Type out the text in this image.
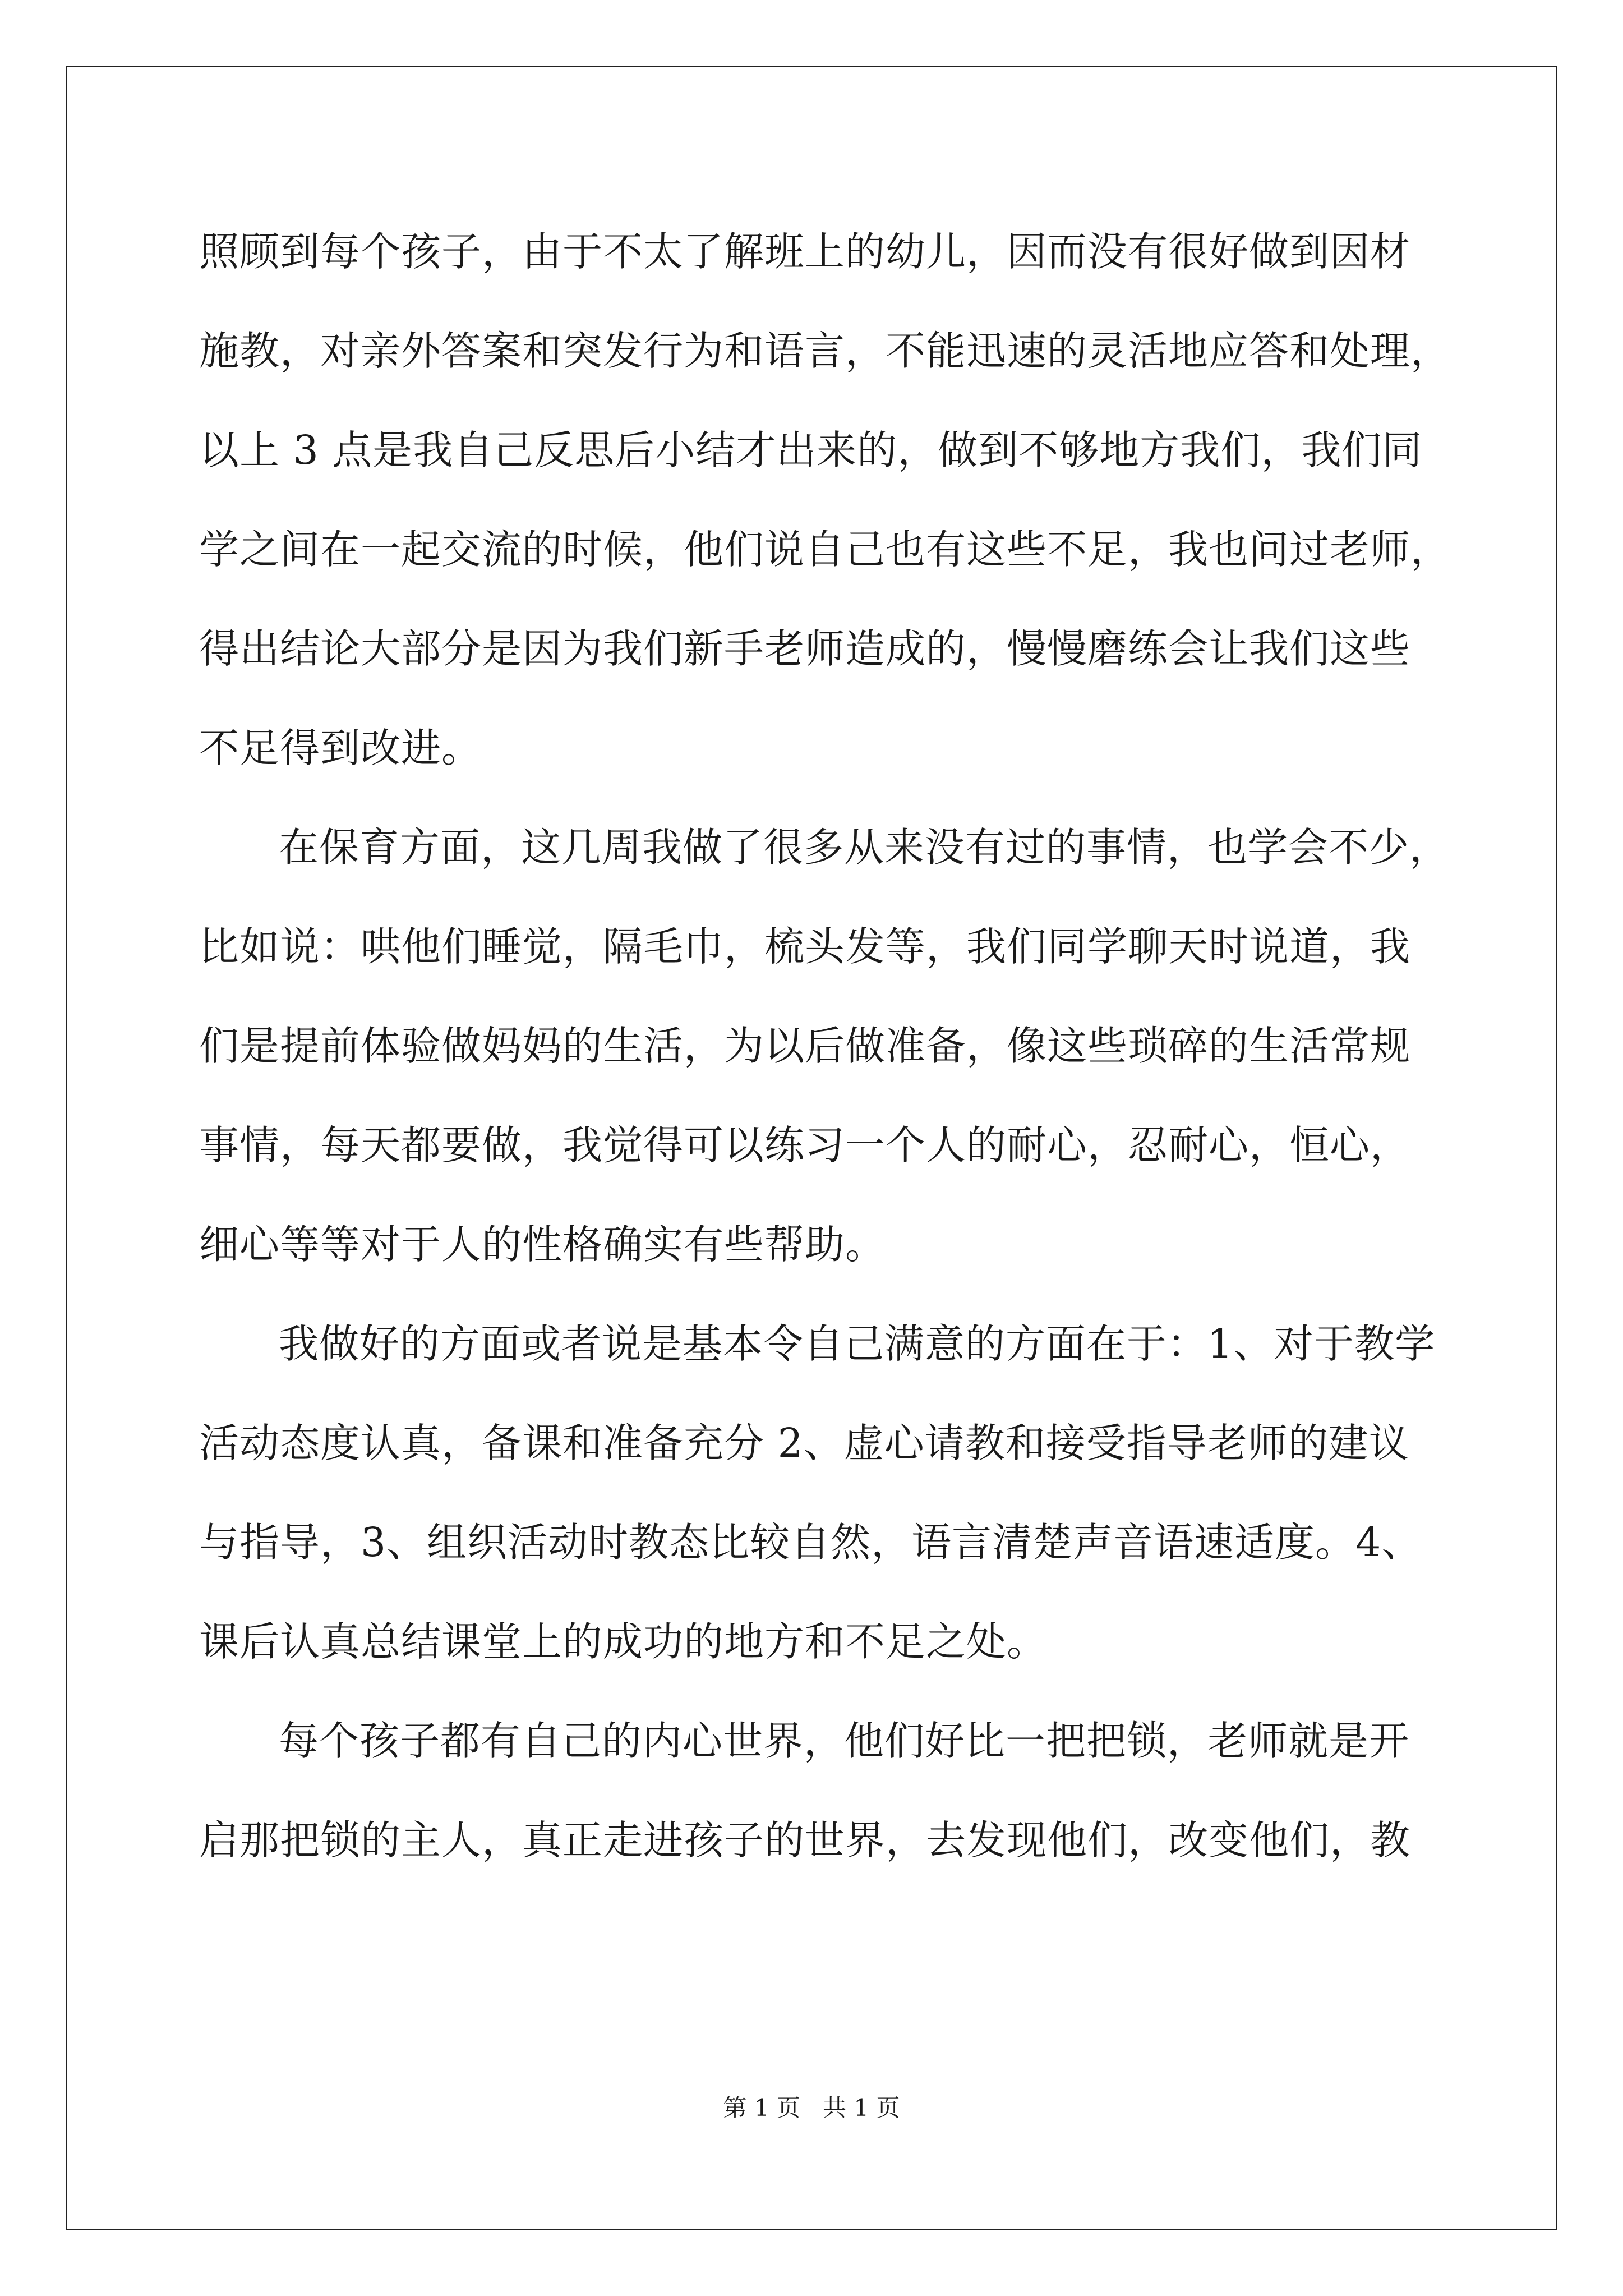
照顾到每个孩子，由于不太了解班上的幼儿，因而没有很好做到因材
施教，对亲外答案和突发行为和语言，不能迅速的灵活地应答和处理，
以上 3 点是我自己反思后小结才出来的，做到不够地方我们，我们同
学之间在一起交流的时候，他们说自己也有这些不足，我也问过老师，
得出结论大部分是因为我们新手老师造成的，慢慢磨练会让我们这些
不足得到改进。
在保育方面，这几周我做了很多从来没有过的事情，也学会不少，
比如说：哄他们睡觉，隔毛巾，梳头发等，我们同学聊天时说道，我
们是提前体验做妈妈的生活，为以后做准备，像这些琐碎的生活常规
事情，每天都要做，我觉得可以练习一个人的耐心，忍耐心，恒心，
细心等等对于人的性格确实有些帮助。
我做好的方面或者说是基本令自己满意的方面在于：1、对于教学
活动态度认真，备课和准备充分 2、虚心请教和接受指导老师的建议
与指导，3、组织活动时教态比较自然，语言清楚声音语速适度。4、
课后认真总结课堂上的成功的地方和不足之处。
每个孩子都有自己的内心世界，他们好比一把把锁，老师就是开
启那把锁的主人，真正走进孩子的世界，去发现他们，改变他们，教
第 1 页   共 1 页
